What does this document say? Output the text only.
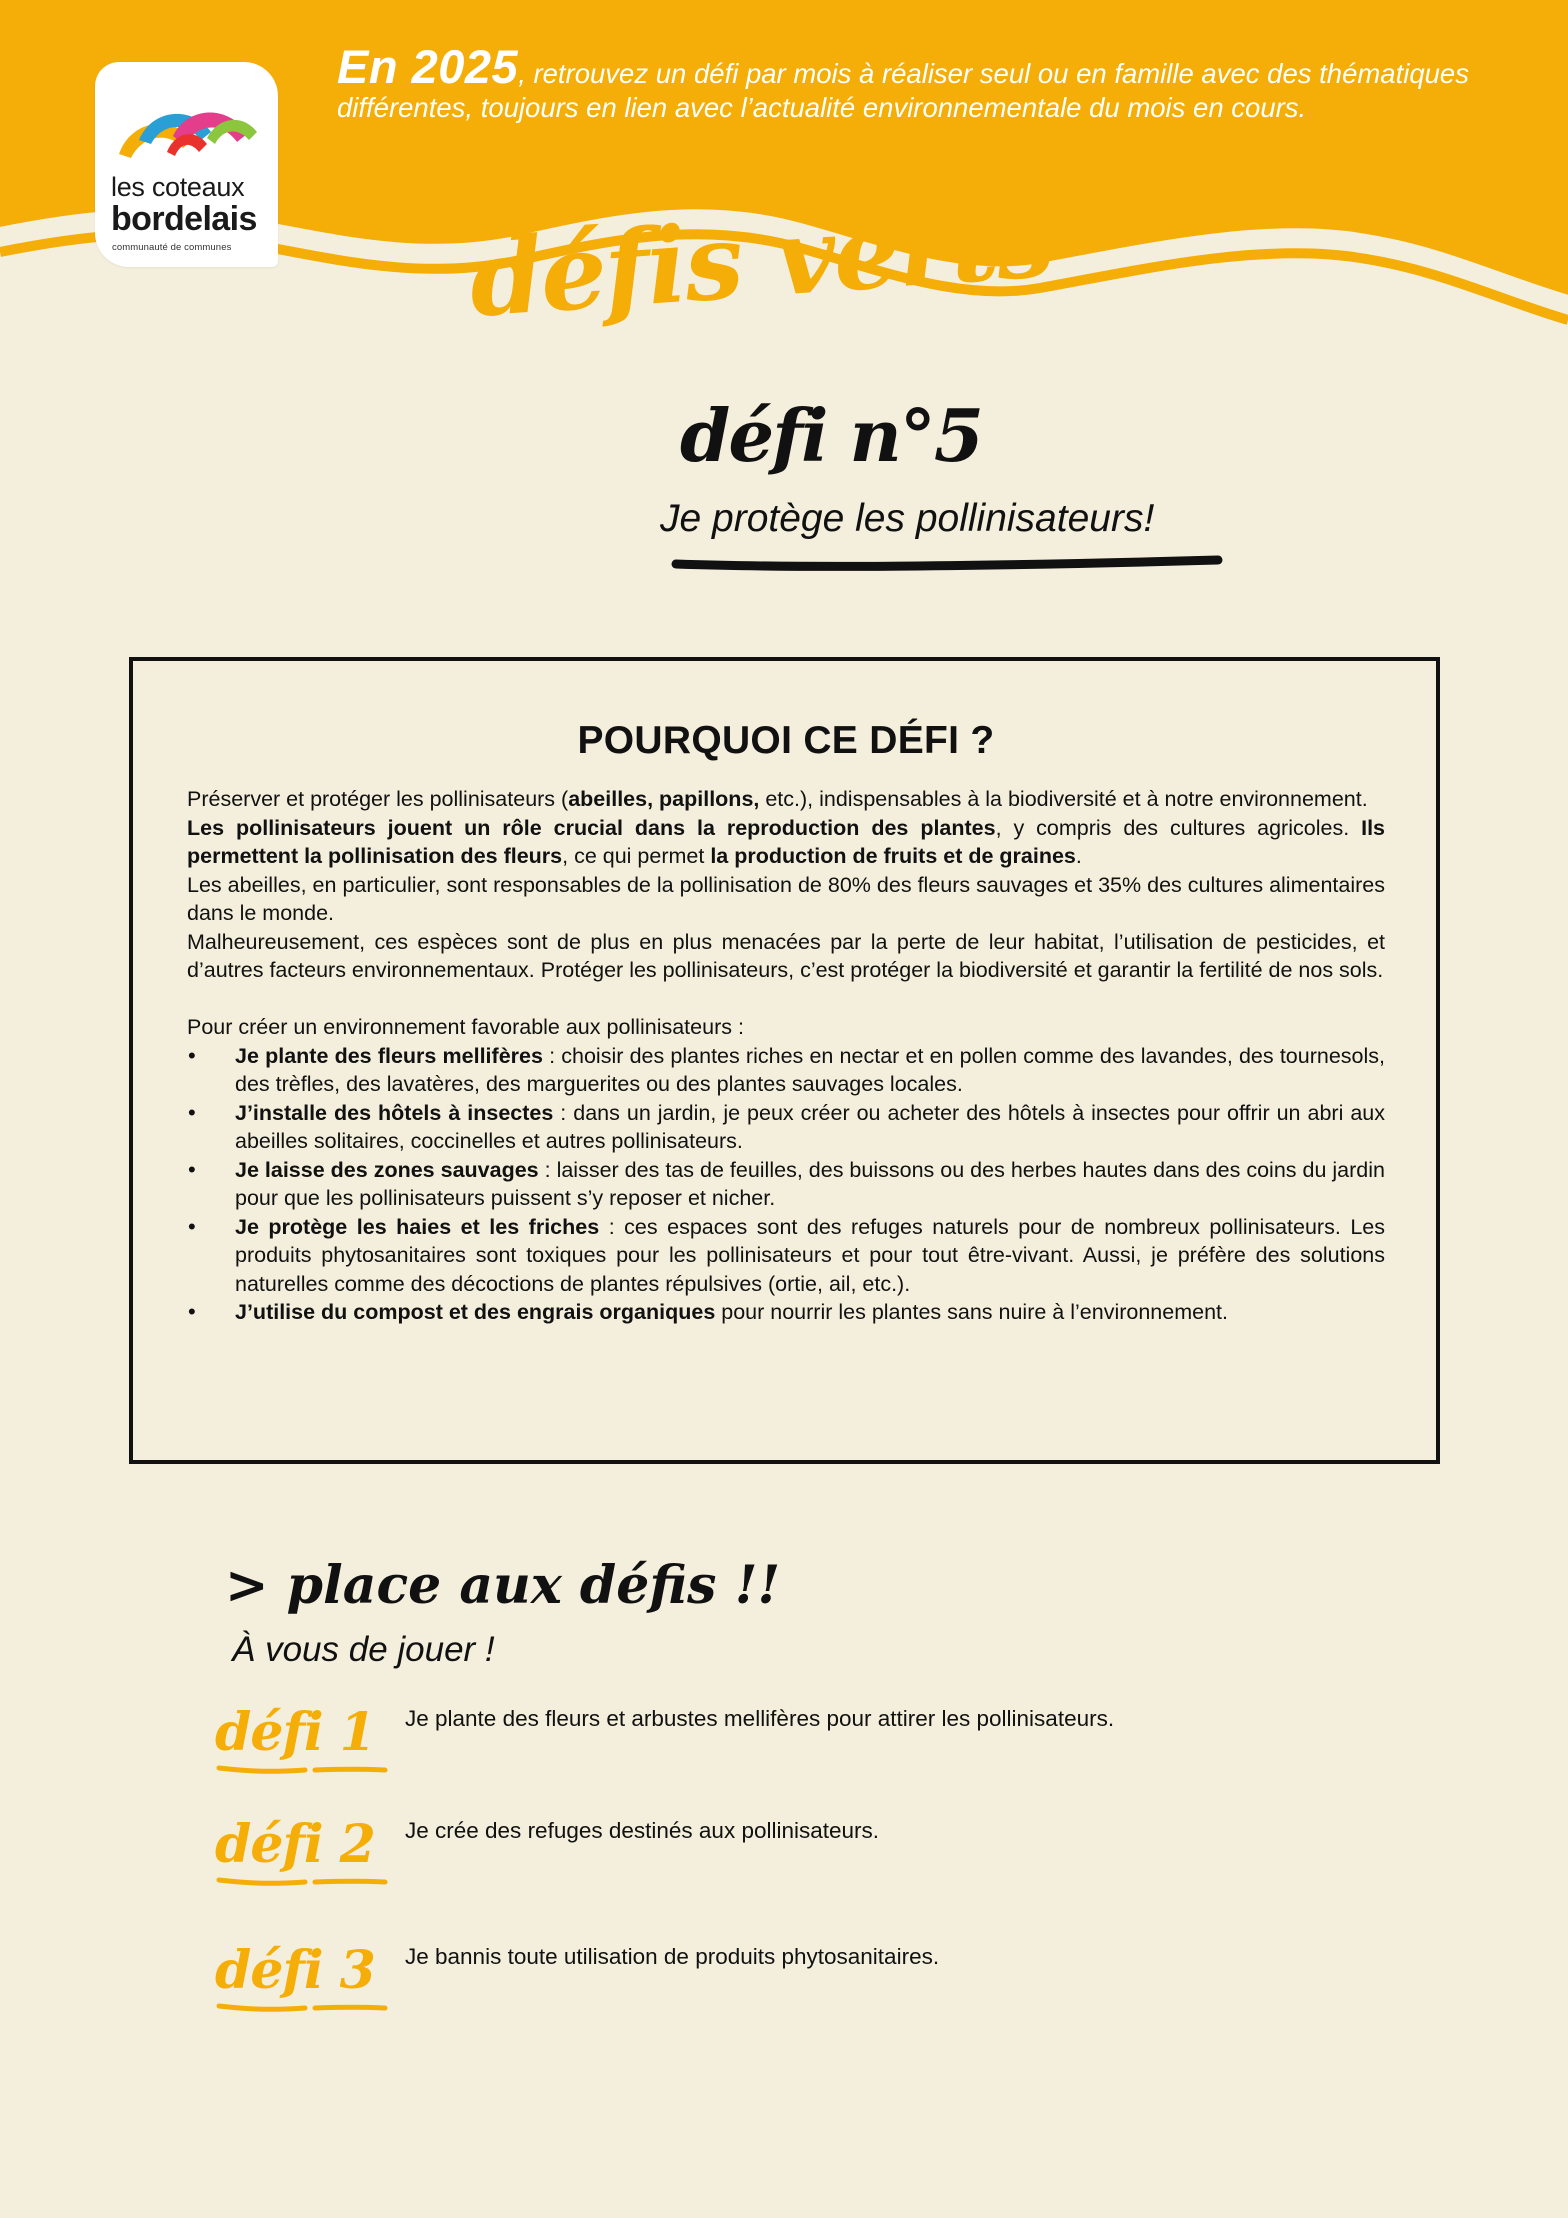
les coteaux
bordelais
communauté de communes
En 2025, retrouvez un défi par mois à réaliser seul ou en famille avec des thématiques différentes, toujours en lien avec l’actualité environnementale du mois en cours.
défis verts
défi n°5
Je protège les pollinisateurs!
POURQUOI CE DÉFI ?

Préserver et protéger les pollinisateurs (abeilles, papillons, etc.), indispensables à la biodiversité et à notre environnement.

Les pollinisateurs jouent un rôle crucial dans la reproduction des plantes, y compris des cultures agricoles. Ils permettent la pollinisation des fleurs, ce qui permet la production de fruits et de graines.

Les abeilles, en particulier, sont responsables de la pollinisation de 80% des fleurs sauvages et 35% des cultures alimentaires dans le monde.

Malheureusement, ces espèces sont de plus en plus menacées par la perte de leur habitat, l’utilisation de pesticides, et d’autres facteurs environnementaux. Protéger les pollinisateurs, c’est protéger la biodiversité et garantir la fertilité de nos sols.

Pour créer un environnement favorable aux pollinisateurs :

• Je plante des fleurs mellifères : choisir des plantes riches en nectar et en pollen comme des lavandes, des tournesols, des trèfles, des lavatères, des marguerites ou des plantes sauvages locales.
• J’installe des hôtels à insectes : dans un jardin, je peux créer ou acheter des hôtels à insectes pour offrir un abri aux abeilles solitaires, coccinelles et autres pollinisateurs.
• Je laisse des zones sauvages : laisser des tas de feuilles, des buissons ou des herbes hautes dans des coins du jardin pour que les pollinisateurs puissent s’y reposer et nicher.
• Je protège les haies et les friches : ces espaces sont des refuges naturels pour de nombreux pollinisateurs. Les produits phytosanitaires sont toxiques pour les pollinisateurs et pour tout être-vivant. Aussi, je préfère des solutions naturelles comme des décoctions de plantes répulsives (ortie, ail, etc.).
• J’utilise du compost et des engrais organiques pour nourrir les plantes sans nuire à l’environnement.
> place aux défis !!
À vous de jouer !
défi 1 Je plante des fleurs et arbustes mellifères pour attirer les pollinisateurs.
défi 2 Je crée des refuges destinés aux pollinisateurs.
défi 3 Je bannis toute utilisation de produits phytosanitaires.
